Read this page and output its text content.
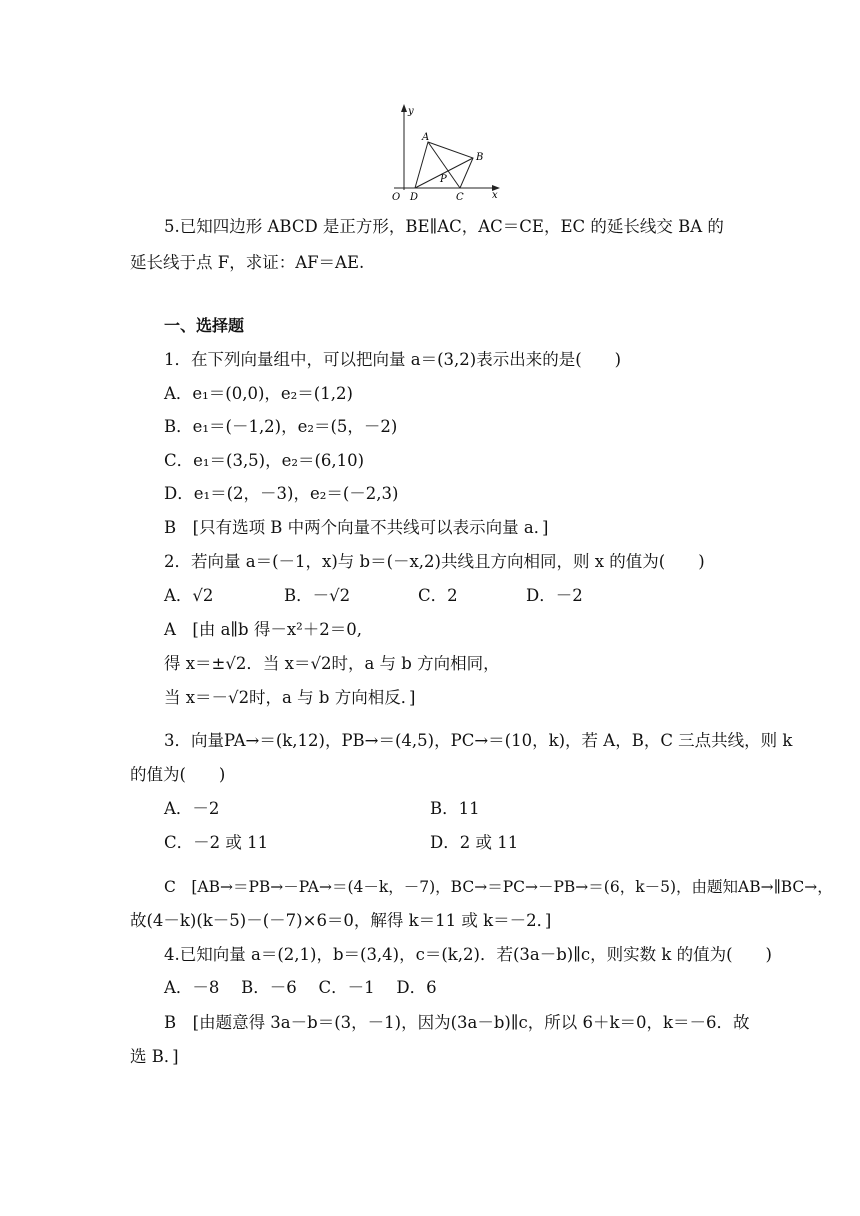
y
A
B
P
O D	C	x
5.已知四边形 ABCD 是正方形，BE∥AC，AC＝CE，EC 的延长线交 BA 的
延长线于点 F，求证：AF＝AE.
一、选择题
1．在下列向量组中，可以把向量 a＝(3,2)表示出来的是(　　)
A．e₁＝(0,0)，e₂＝(1,2)
B．e₁＝(－1,2)，e₂＝(5，－2)
C．e₁＝(3,5)，e₂＝(6,10)
D．e₁＝(2，－3)，e₂＝(－2,3)
B　[只有选项 B 中两个向量不共线可以表示向量 a．]
2．若向量 a＝(－1，x)与 b＝(－x,2)共线且方向相同，则 x 的值为(　　)
A．√2	B．－√2	C．2	D．－2
A　[由 a∥b 得－x²＋2＝0,
得 x＝±√2．当 x＝√2时，a 与 b 方向相同，
当 x＝－√2时，a 与 b 方向相反．]
3．向量PA→＝(k,12)，PB→＝(4,5)，PC→＝(10，k)，若 A，B，C 三点共线，则 k
的值为(　　)
A．－2	B．11
C．－2 或 11	D．2 或 11
C　[AB→＝PB→－PA→＝(4－k，－7)，BC→＝PC→－PB→＝(6，k－5)，由题知AB→∥BC→，
故(4－k)(k－5)－(－7)×6＝0，解得 k＝11 或 k＝－2．]
4.已知向量 a＝(2,1)，b＝(3,4)，c＝(k,2)．若(3a－b)∥c，则实数 k 的值为(　　)
A．－8　 B．－6　 C．－1　 D．6
B　[由题意得 3a－b＝(3，－1)，因为(3a－b)∥c，所以 6＋k＝0，k＝－6．故
选 B．]
